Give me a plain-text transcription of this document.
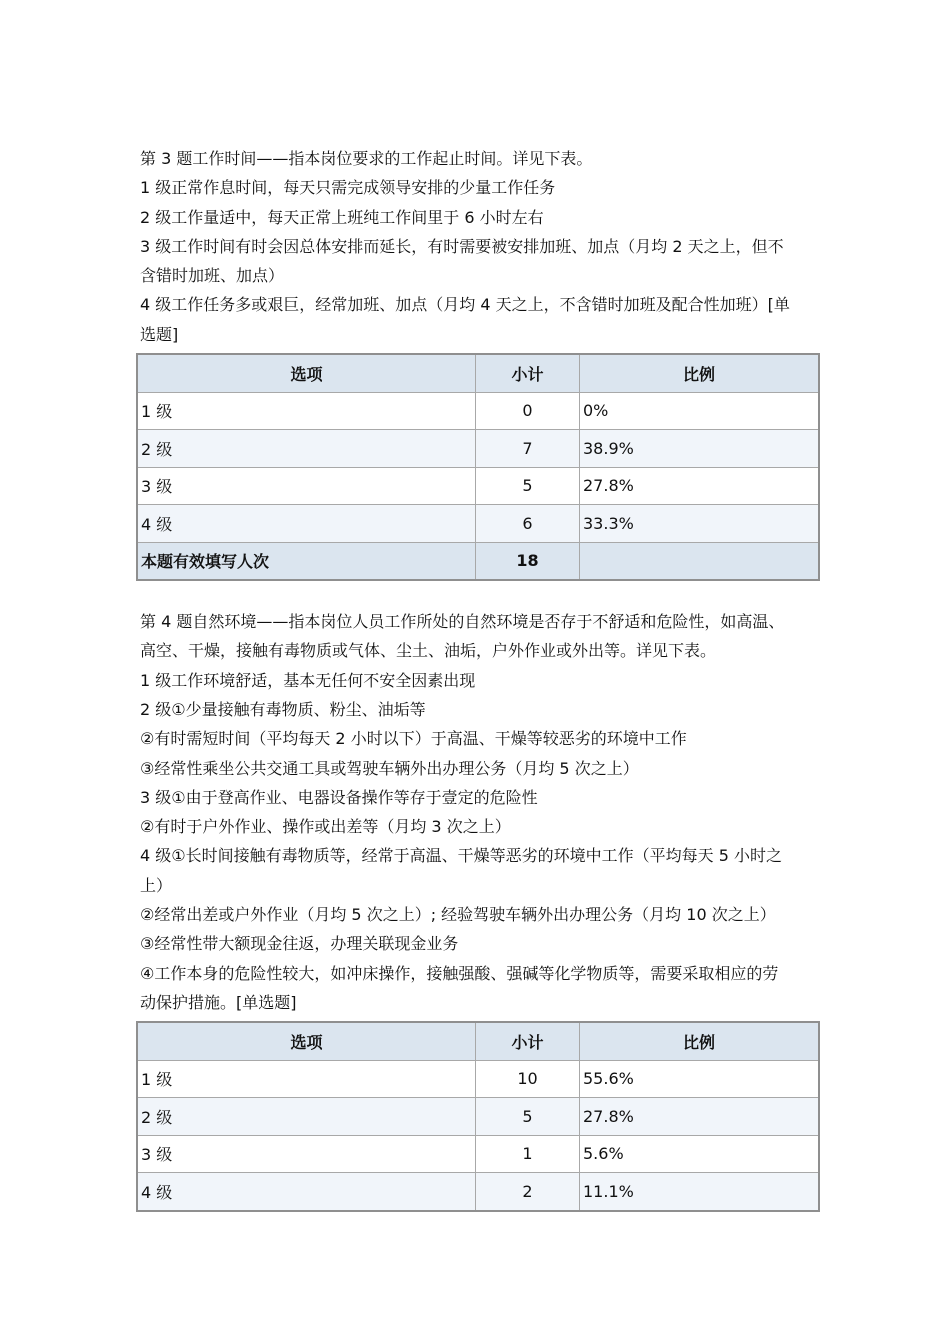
第 3 题工作时间——指本岗位要求的工作起止时间。详见下表。

1 级正常作息时间，每天只需完成领导安排的少量工作任务

2 级工作量适中，每天正常上班纯工作间里于 6 小时左右

3 级工作时间有时会因总体安排而延长，有时需要被安排加班、加点（月均 2 天之上，但不

含错时加班、加点）

4 级工作任务多或艰巨，经常加班、加点（月均 4 天之上，不含错时加班及配合性加班）[单

选题]

选项	小计	比例
1 级	0	0%
2 级	7	38.9%
3 级	5	27.8%
4 级	6	33.3%
本题有效填写人次	18	

第 4 题自然环境——指本岗位人员工作所处的自然环境是否存于不舒适和危险性，如高温、

高空、干燥，接触有毒物质或气体、尘土、油垢，户外作业或外出等。详见下表。

1 级工作环境舒适，基本无任何不安全因素出现

2 级①少量接触有毒物质、粉尘、油垢等

②有时需短时间（平均每天 2 小时以下）于高温、干燥等较恶劣的环境中工作

③经常性乘坐公共交通工具或驾驶车辆外出办理公务（月均 5 次之上）

3 级①由于登高作业、电器设备操作等存于壹定的危险性

②有时于户外作业、操作或出差等（月均 3 次之上）

4 级①长时间接触有毒物质等，经常于高温、干燥等恶劣的环境中工作（平均每天 5 小时之

上）

②经常出差或户外作业（月均 5 次之上）; 经验驾驶车辆外出办理公务（月均 10 次之上）

③经常性带大额现金往返，办理关联现金业务

④工作本身的危险性较大，如冲床操作，接触强酸、强碱等化学物质等，需要采取相应的劳

动保护措施。[单选题]

选项	小计	比例
1 级	10	55.6%
2 级	5	27.8%
3 级	1	5.6%
4 级	2	11.1%
